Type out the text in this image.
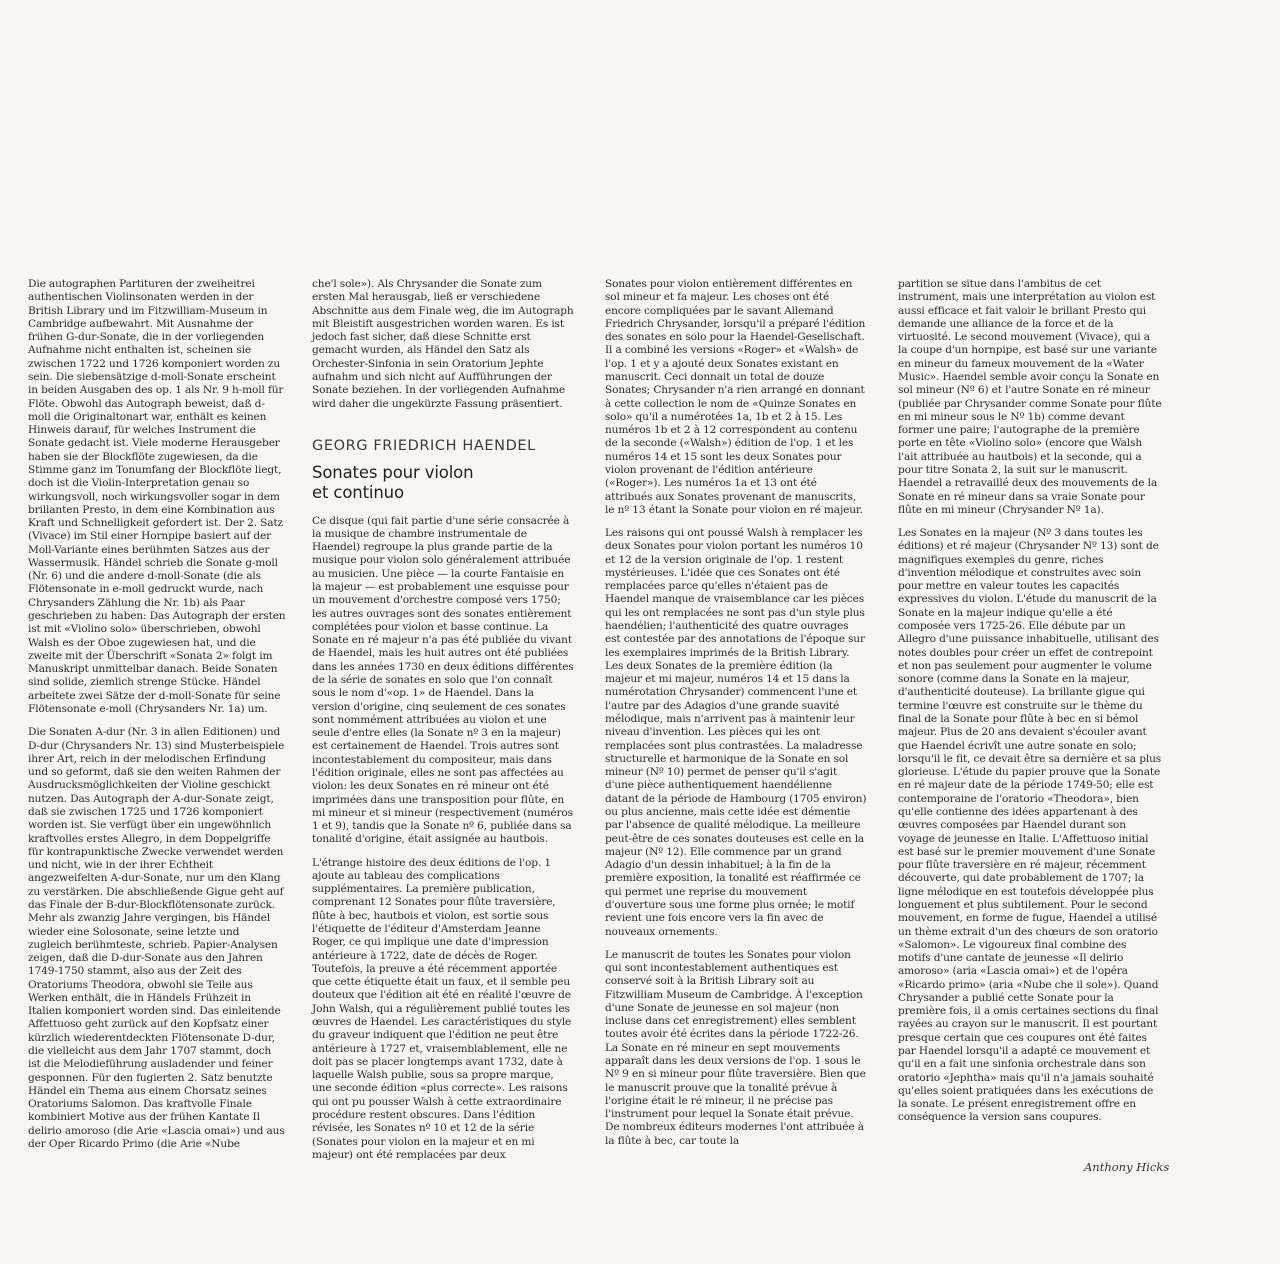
Die autographen Partituren der zweiheitrei authentischen Violinsonaten werden in der British Library und im Fitzwilliam-Museum in Cambridge aufbewahrt. Mit Ausnahme der frühen G-dur-Sonate, die in der vorliegenden Aufnahme nicht enthalten ist, scheinen sie zwischen 1722 und 1726 komponiert worden zu sein. Die siebensätzige d-moll-Sonate erscheint in beiden Ausgaben des op. 1 als Nr. 9 h-moll für Flöte. Obwohl das Autograph beweist, daß d-moll die Originaltonart war, enthält es keinen Hinweis darauf, für welches Instrument die Sonate gedacht ist. Viele moderne Herausgeber haben sie der Blockflöte zugewiesen, da die Stimme ganz im Tonumfang der Blockflöte liegt, doch ist die Violin-Interpretation genau so wirkungsvoll, noch wirkungsvoller sogar in dem brillanten Presto, in dem eine Kombination aus Kraft und Schnelligkeit gefordert ist. Der 2. Satz (Vivace) im Stil einer Hornpipe basiert auf der Moll-Variante eines berühmten Satzes aus der Wassermusik. Händel schrieb die Sonate g-moll (Nr. 6) und die andere d-moll-Sonate (die als Flötensonate in e-moll gedruckt wurde, nach Chrysanders Zählung die Nr. 1b) als Paar geschrieben zu haben: Das Autograph der ersten ist mit «Violino solo» überschrieben, obwohl Walsh es der Oboe zugewiesen hat, und die zweite mit der Überschrift «Sonata 2» folgt im Manuskript unmittelbar danach. Beide Sonaten sind solide, ziemlich strenge Stücke. Händel arbeitete zwei Sätze der d-moll-Sonate für seine Flötensonate e-moll (Chrysanders Nr. 1a) um.

Die Sonaten A-dur (Nr. 3 in allen Editionen) und D-dur (Chrysanders Nr. 13) sind Musterbeispiele ihrer Art, reich in der melodischen Erfindung und so geformt, daß sie den weiten Rahmen der Ausdrucksmöglichkeiten der Violine geschickt nutzen. Das Autograph der A-dur-Sonate zeigt, daß sie zwischen 1725 und 1726 komponiert worden ist. Sie verfügt über ein ungewöhnlich kraftvolles erstes Allegro, in dem Doppelgriffe für kontrapunktische Zwecke verwendet werden und nicht, wie in der ihrer Echtheit angezweifelten A-dur-Sonate, nur um den Klang zu verstärken. Die abschließende Gigue geht auf das Finale der B-dur-Blockflötensonate zurück. Mehr als zwanzig Jahre vergingen, bis Händel wieder eine Solosonate, seine letzte und zugleich berühmteste, schrieb. Papier-Analysen zeigen, daß die D-dur-Sonate aus den Jahren 1749-1750 stammt, also aus der Zeit des Oratoriums Theodora, obwohl sie Teile aus Werken enthält, die in Händels Frühzeit in Italien komponiert worden sind. Das einleitende Affettuoso geht zurück auf den Kopfsatz einer kürzlich wiederentdeckten Flötensonate D-dur, die vielleicht aus dem Jahr 1707 stammt, doch ist die Melodieführung ausladender und feiner gesponnen. Für den fugierten 2. Satz benutzte Händel ein Thema aus einem Chorsatz seines Oratoriums Salomon. Das kraftvolle Finale kombiniert Motive aus der frühen Kantate Il delirio amoroso (die Arie «Lascia omai») und aus der Oper Ricardo Primo (die Arie «Nube

che'l sole»). Als Chrysander die Sonate zum ersten Mal herausgab, ließ er verschiedene Abschnitte aus dem Finale weg, die im Autograph mit Bleistift ausgestrichen worden waren. Es ist jedoch fast sicher, daß diese Schnitte erst gemacht wurden, als Händel den Satz als Orchester-Sinfonia in sein Oratorium Jephte aufnahm und sich nicht auf Aufführungen der Sonate beziehen. In der vorliegenden Aufnahme wird daher die ungekürzte Fassung präsentiert.

GEORG FRIEDRICH HAENDEL
Sonates pour violon
et continuo

Ce disque (qui fait partie d'une série consacrée à la musique de chambre instrumentale de Haendel) regroupe la plus grande partie de la musique pour violon solo généralement attribuée au musicien. Une pièce — la courte Fantaisie en la majeur — est probablement une esquisse pour un mouvement d'orchestre composé vers 1750; les autres ouvrages sont des sonates entièrement complétées pour violon et basse continue. La Sonate en ré majeur n'a pas été publiée du vivant de Haendel, mais les huit autres ont été publiées dans les années 1730 en deux éditions différentes de la série de sonates en solo que l'on connaît sous le nom d'«op. 1» de Haendel. Dans la version d'origine, cinq seulement de ces sonates sont nommément attribuées au violon et une seule d'entre elles (la Sonate nº 3 en la majeur) est certainement de Haendel. Trois autres sont incontestablement du compositeur, mais dans l'édition originale, elles ne sont pas affectées au violon: les deux Sonates en ré mineur ont été imprimées dans une transposition pour flûte, en mi mineur et si mineur (respectivement (numéros 1 et 9), tandis que la Sonate nº 6, publiée dans sa tonalité d'origine, était assignée au hautbois.

L'étrange histoire des deux éditions de l'op. 1 ajoute au tableau des complications supplémentaires. La première publication, comprenant 12 Sonates pour flûte traversière, flûte à bec, hautbois et violon, est sortie sous l'étiquette de l'éditeur d'Amsterdam Jeanne Roger, ce qui implique une date d'impression antérieure à 1722, date de décès de Roger. Toutefois, la preuve a été récemment apportée que cette étiquette était un faux, et il semble peu douteux que l'édition ait été en réalité l'œuvre de John Walsh, qui a régulièrement publié toutes les œuvres de Haendel. Les caractéristiques du style du graveur indiquent que l'édition ne peut être antérieure à 1727 et, vraisemblablement, elle ne doit pas se placer longtemps avant 1732, date à laquelle Walsh publie, sous sa propre marque, une seconde édition «plus correcte». Les raisons qui ont pu pousser Walsh à cette extraordinaire procédure restent obscures. Dans l'édition révisée, les Sonates nº 10 et 12 de la série (Sonates pour violon en la majeur et en mi majeur) ont été remplacées par deux

Sonates pour violon entièrement différentes en sol mineur et fa majeur. Les choses ont été encore compliquées par le savant Allemand Friedrich Chrysander, lorsqu'il a préparé l'édition des sonates en solo pour la Haendel-Gesellschaft. Il a combiné les versions «Roger» et «Walsh» de l'op. 1 et y a ajouté deux Sonates existant en manuscrit. Ceci donnait un total de douze Sonates; Chrysander n'a rien arrangé en donnant à cette collection le nom de «Quinze Sonates en solo» qu'il a numérotées 1a, 1b et 2 à 15. Les numéros 1b et 2 à 12 correspondent au contenu de la seconde («Walsh») édition de l'op. 1 et les numéros 14 et 15 sont les deux Sonates pour violon provenant de l'édition antérieure («Roger»). Les numéros 1a et 13 ont été attribués aux Sonates provenant de manuscrits, le nº 13 étant la Sonate pour violon en ré majeur.

Les raisons qui ont poussé Walsh à remplacer les deux Sonates pour violon portant les numéros 10 et 12 de la version originale de l'op. 1 restent mystérieuses. L'idée que ces Sonates ont été remplacées parce qu'elles n'étaient pas de Haendel manque de vraisemblance car les pièces qui les ont remplacées ne sont pas d'un style plus haendélien; l'authenticité des quatre ouvrages est contestée par des annotations de l'époque sur les exemplaires imprimés de la British Library. Les deux Sonates de la première édition (la majeur et mi majeur, numéros 14 et 15 dans la numérotation Chrysander) commencent l'une et l'autre par des Adagios d'une grande suavité mélodique, mais n'arrivent pas à maintenir leur niveau d'invention. Les pièces qui les ont remplacées sont plus contrastées. La maladresse structurelle et harmonique de la Sonate en sol mineur (Nº 10) permet de penser qu'il s'agit d'une pièce authentiquement haendélienne datant de la période de Hambourg (1705 environ) ou plus ancienne, mais cette idée est démentie par l'absence de qualité mélodique. La meilleure peut-être de ces sonates douteuses est celle en la majeur (Nº 12). Elle commence par un grand Adagio d'un dessin inhabituel; à la fin de la première exposition, la tonalité est réaffirmée ce qui permet une reprise du mouvement d'ouverture sous une forme plus ornée; le motif revient une fois encore vers la fin avec de nouveaux ornements.

Le manuscrit de toutes les Sonates pour violon qui sont incontestablement authentiques est conservé soit à la British Library soit au Fitzwilliam Museum de Cambridge. À l'exception d'une Sonate de jeunesse en sol majeur (non incluse dans cet enregistrement) elles semblent toutes avoir été écrites dans la période 1722-26. La Sonate en ré mineur en sept mouvements apparaît dans les deux versions de l'op. 1 sous le Nº 9 en si mineur pour flûte traversière. Bien que le manuscrit prouve que la tonalité prévue à l'origine était le ré mineur, il ne précise pas l'instrument pour lequel la Sonate était prévue. De nombreux éditeurs modernes l'ont attribuée à la flûte à bec, car toute la

partition se situe dans l'ambitus de cet instrument, mais une interprétation au violon est aussi efficace et fait valoir le brillant Presto qui demande une alliance de la force et de la virtuosité. Le second mouvement (Vivace), qui a la coupe d'un hornpipe, est basé sur une variante en mineur du fameux mouvement de la «Water Music». Haendel semble avoir conçu la Sonate en sol mineur (Nº 6) et l'autre Sonate en ré mineur (publiée par Chrysander comme Sonate pour flûte en mi mineur sous le Nº 1b) comme devant former une paire; l'autographe de la première porte en tête «Violino solo» (encore que Walsh l'ait attribuée au hautbois) et la seconde, qui a pour titre Sonata 2, la suit sur le manuscrit. Haendel a retravaillé deux des mouvements de la Sonate en ré mineur dans sa vraie Sonate pour flûte en mi mineur (Chrysander Nº 1a).

Les Sonates en la majeur (Nº 3 dans toutes les éditions) et ré majeur (Chrysander Nº 13) sont de magnifiques exemples du genre, riches d'invention mélodique et construites avec soin pour mettre en valeur toutes les capacités expressives du violon. L'étude du manuscrit de la Sonate en la majeur indique qu'elle a été composée vers 1725-26. Elle débute par un Allegro d'une puissance inhabituelle, utilisant des notes doubles pour créer un effet de contrepoint et non pas seulement pour augmenter le volume sonore (comme dans la Sonate en la majeur, d'authenticité douteuse). La brillante gigue qui termine l'œuvre est construite sur le thème du final de la Sonate pour flûte à bec en si bémol majeur. Plus de 20 ans devaient s'écouler avant que Haendel écrivît une autre sonate en solo; lorsqu'il le fit, ce devait être sa dernière et sa plus glorieuse. L'étude du papier prouve que la Sonate en ré majeur date de la période 1749-50; elle est contemporaine de l'oratorio «Theodora», bien qu'elle contienne des idées appartenant à des œuvres composées par Haendel durant son voyage de jeunesse en Italie. L'Affettuoso initial est basé sur le premier mouvement d'une Sonate pour flûte traversière en ré majeur, récemment découverte, qui date probablement de 1707; la ligne mélodique en est toutefois développée plus longuement et plus subtilement. Pour le second mouvement, en forme de fugue, Haendel a utilisé un thème extrait d'un des chœurs de son oratorio «Salomon». Le vigoureux final combine des motifs d'une cantate de jeunesse «Il delirio amoroso» (aria «Lascia omai») et de l'opéra «Ricardo primo» (aria «Nube che il sole»). Quand Chrysander a publié cette Sonate pour la première fois, il a omis certaines sections du final rayées au crayon sur le manuscrit. Il est pourtant presque certain que ces coupures ont été faites par Haendel lorsqu'il a adapté ce mouvement et qu'il en a fait une sinfonia orchestrale dans son oratorio «Jephtha» mais qu'il n'a jamais souhaité qu'elles soient pratiquées dans les exécutions de la sonate. Le présent enregistrement offre en conséquence la version sans coupures.

Anthony Hicks
